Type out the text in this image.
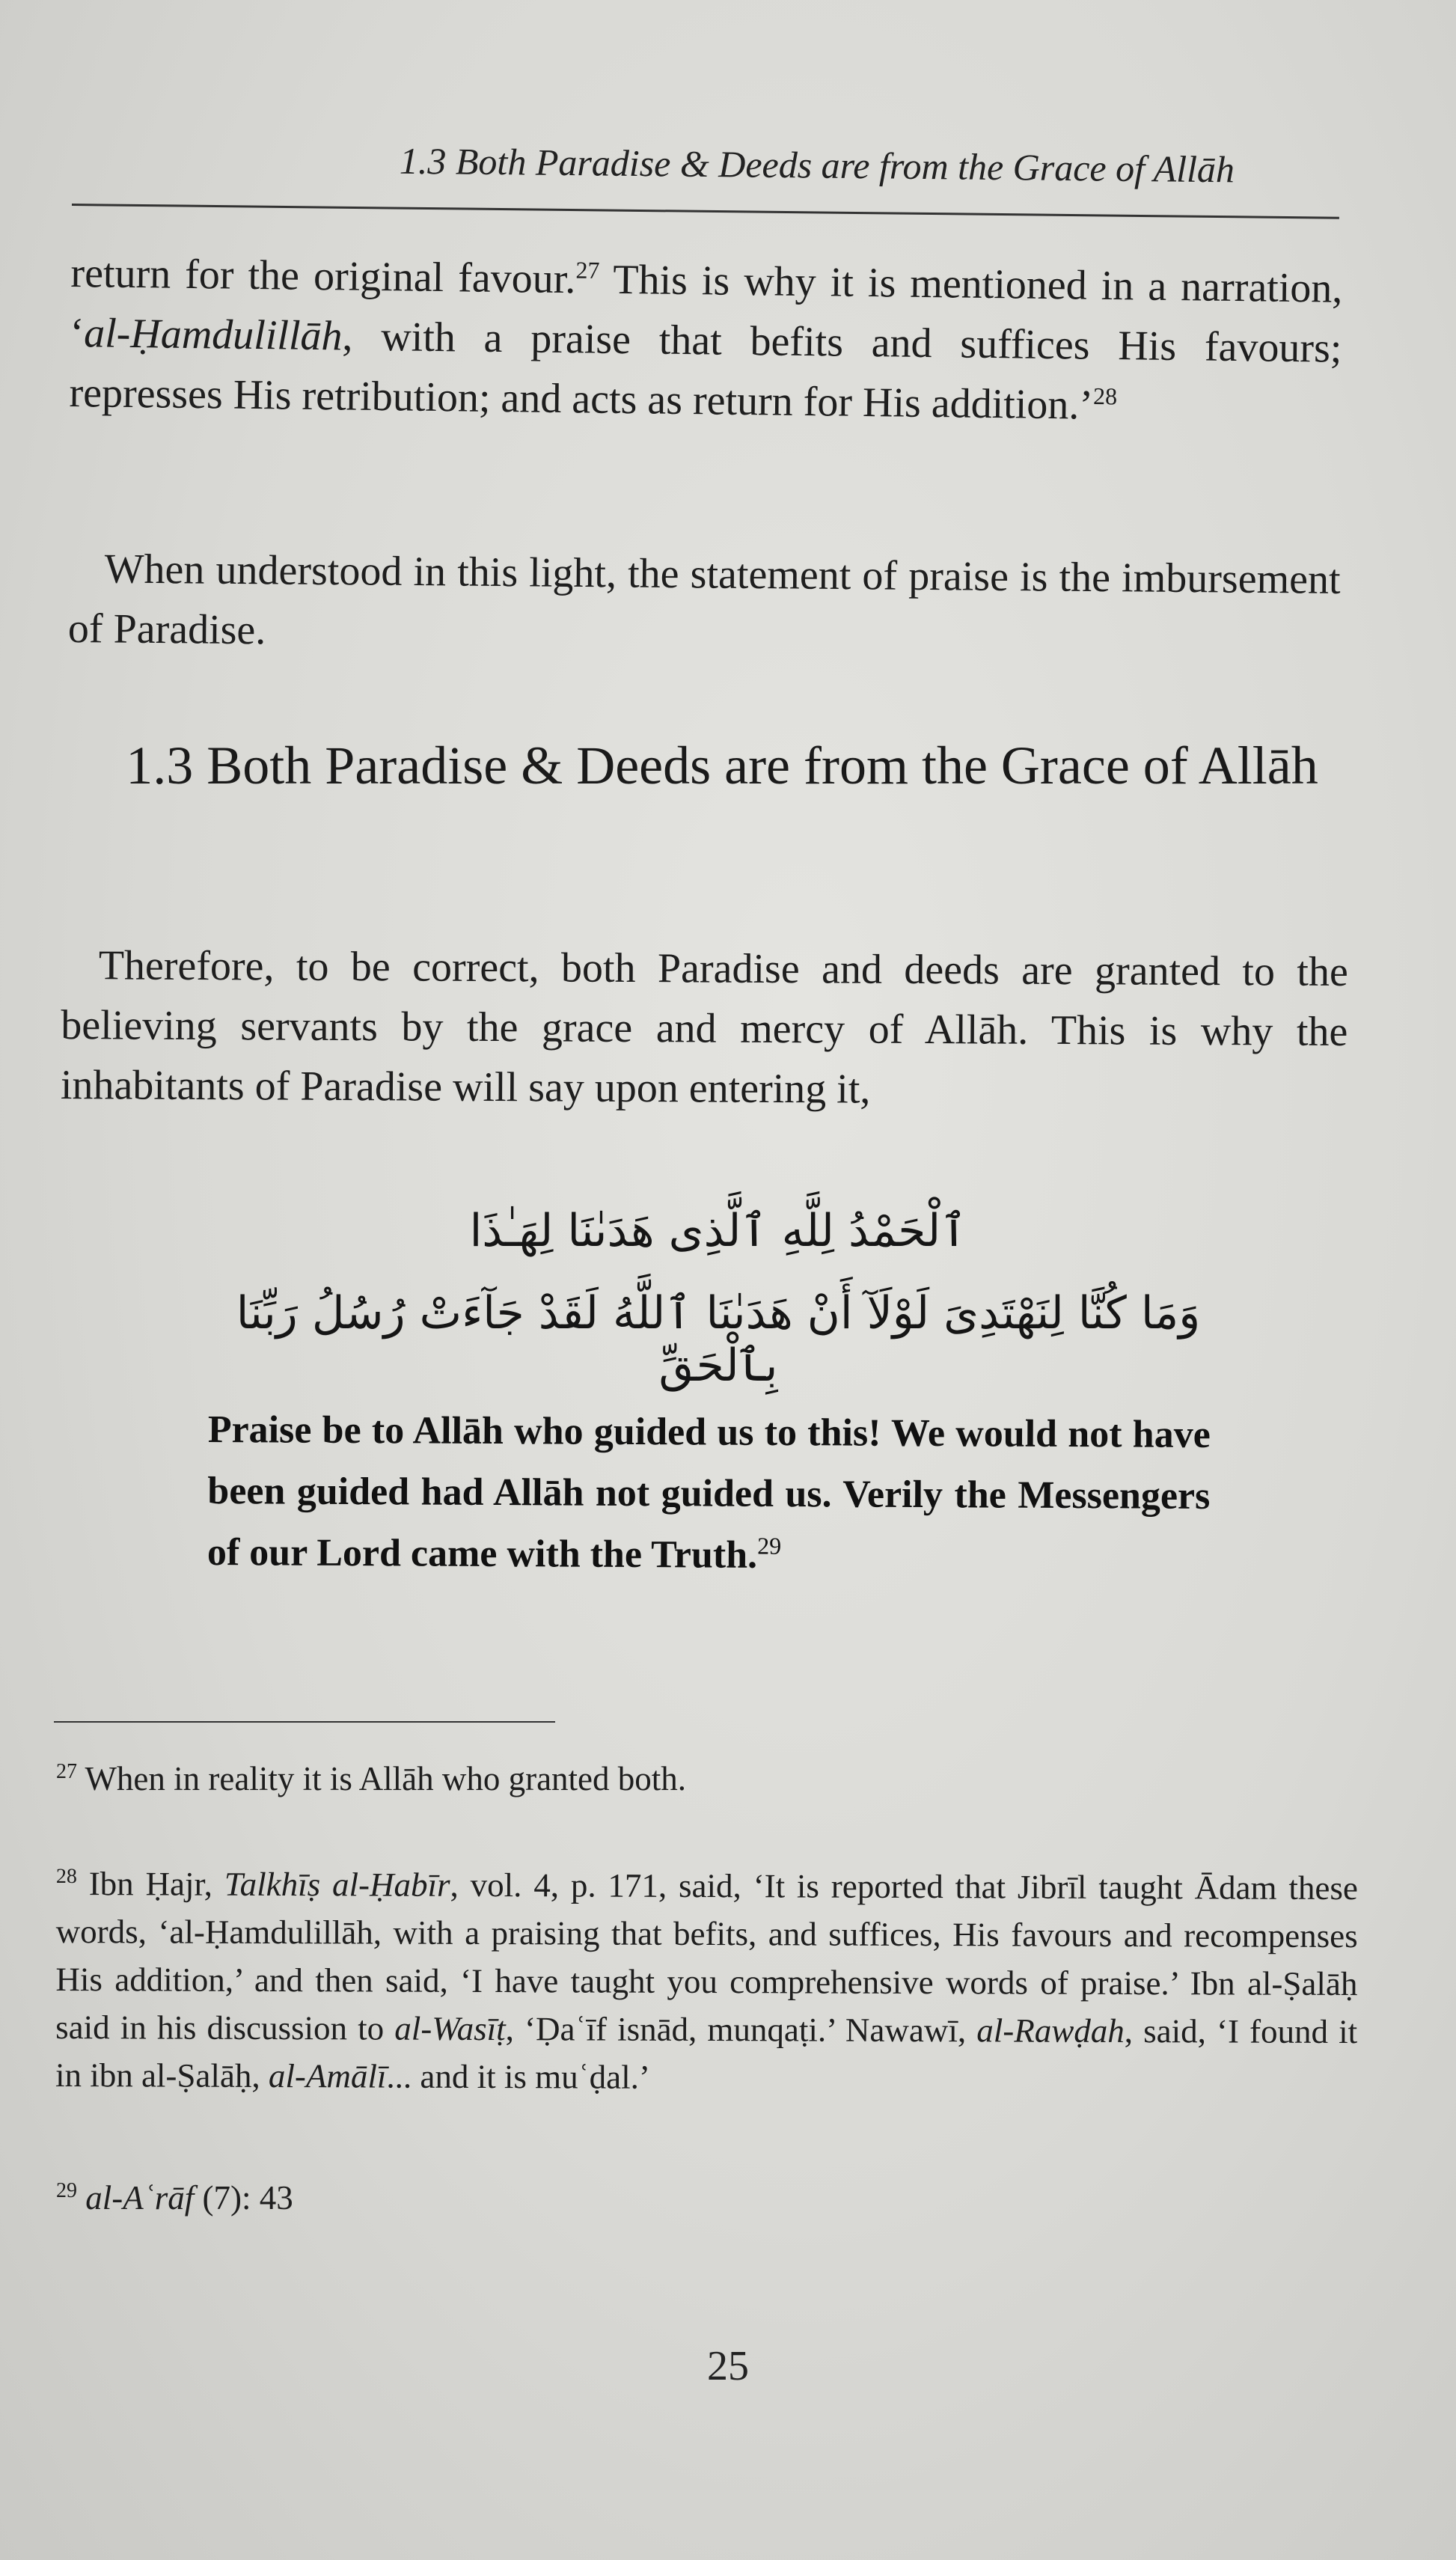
1.3 Both Paradise & Deeds are from the Grace of Allāh

return for the original favour.$^{27}$ This is why it is mentioned in a narration, ‘al-Ḥamdulillāh, with a praise that befits and suffices His favours; represses His retribution; and acts as return for His addition.’$^{28}$

When understood in this light, the statement of praise is the imbursement of Paradise.

1.3 Both Paradise & Deeds are from the Grace of Allāh

Therefore, to be correct, both Paradise and deeds are granted to the believing servants by the grace and mercy of Allāh. This is why the inhabitants of Paradise will say upon entering it,

ٱلْحَمْدُ لِلَّهِ ٱلَّذِى هَدَىٰنَا لِهَـٰذَا
وَمَا كُنَّا لِنَهْتَدِىَ لَوْلَآ أَنْ هَدَىٰنَا ٱللَّهُ لَقَدْ جَآءَتْ رُسُلُ رَبِّنَا بِٱلْحَقِّ

Praise be to Allāh who guided us to this! We would not have been guided had Allāh not guided us. Verily the Messengers of our Lord came with the Truth.$^{29}$

$^{27}$ When in reality it is Allāh who granted both.

$^{28}$ Ibn Ḥajr, Talkhīṣ al-Ḥabīr, vol. 4, p. 171, said, ‘It is reported that Jibrīl taught Ādam these words, ‘al-Ḥamdulillāh, with a praising that befits, and suffices, His favours and recompenses His addition,’ and then said, ‘I have taught you comprehensive words of praise.’ Ibn al-Ṣalāḥ said in his discussion to al-Wasīṭ, ‘Ḍaʿīf isnād, munqaṭi.’ Nawawī, al-Rawḍah, said, ‘I found it in ibn al-Ṣalāḥ, al-Amālī... and it is muʿḍal.’

$^{29}$ al-Aʿrāf (7): 43

25
